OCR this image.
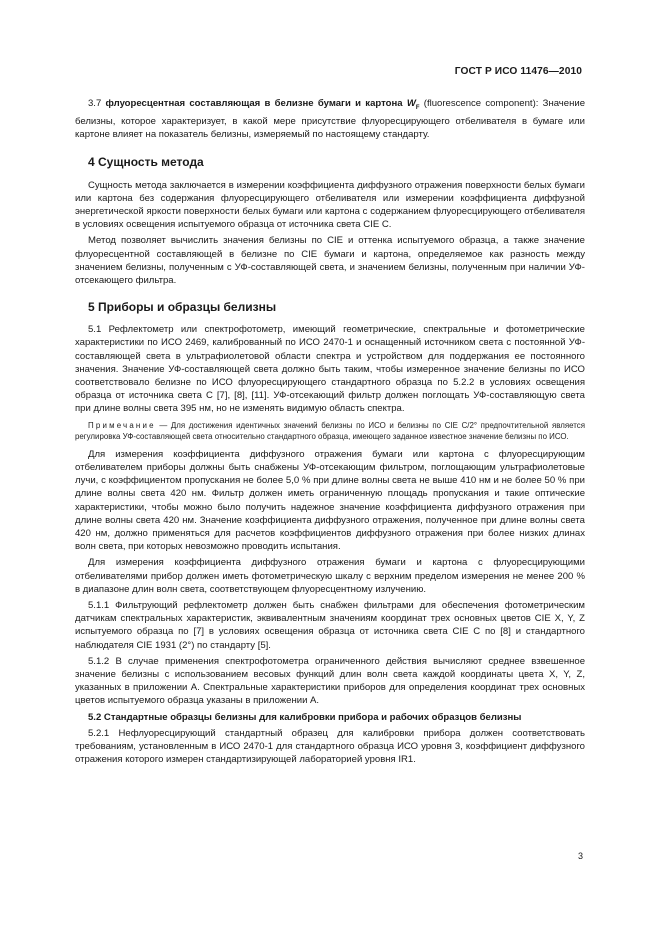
ГОСТ Р ИСО 11476—2010

3.7 флуоресцентная составляющая в белизне бумаги и картона $W_F$ (fluorescence component): Значение белизны, которое характеризует, в какой мере присутствие флуоресцирующего отбеливателя в бумаге или картоне влияет на показатель белизны, измеряемый по настоящему стандарту.

4 Сущность метода

Сущность метода заключается в измерении коэффициента диффузного отражения поверхности белых бумаги или картона без содержания флуоресцирующего отбеливателя или измерении коэффициента диффузной энергетической яркости поверхности белых бумаги или картона с содержанием флуоресцирующего отбеливателя в условиях освещения испытуемого образца от источника света CIE C.

Метод позволяет вычислить значения белизны по CIE и оттенка испытуемого образца, а также значение флуоресцентной составляющей в белизне по CIE бумаги и картона, определяемое как разность между значением белизны, полученным с УФ-составляющей света, и значением белизны, полученным при наличии УФ-отсекающего фильтра.

5 Приборы и образцы белизны

5.1 Рефлектометр или спектрофотометр, имеющий геометрические, спектральные и фотометрические характеристики по ИСО 2469, калиброванный по ИСО 2470-1 и оснащенный источником света с постоянной УФ-составляющей света в ультрафиолетовой области спектра и устройством для поддержания ее постоянного значения. Значение УФ-составляющей света должно быть таким, чтобы измеренное значение белизны по ИСО соответствовало белизне по ИСО флуоресцирующего стандартного образца по 5.2.2 в условиях освещения образца от источника света C [7], [8], [11]. УФ-отсекающий фильтр должен поглощать УФ-составляющую света при длине волны света 395 нм, но не изменять видимую область спектра.

Примечание — Для достижения идентичных значений белизны по ИСО и белизны по CIE C/2° предпочтительной является регулировка УФ-составляющей света относительно стандартного образца, имеющего заданное известное значение белизны по ИСО.

Для измерения коэффициента диффузного отражения бумаги или картона с флуоресцирующим отбеливателем приборы должны быть снабжены УФ-отсекающим фильтром, поглощающим ультрафиолетовые лучи, с коэффициентом пропускания не более 5,0 % при длине волны света не выше 410 нм и не более 50 % при длине волны света 420 нм. Фильтр должен иметь ограниченную площадь пропускания и такие оптические характеристики, чтобы можно было получить надежное значение коэффициента диффузного отражения при длине волны света 420 нм. Значение коэффициента диффузного отражения, полученное при длине волны света 420 нм, должно применяться для расчетов коэффициентов диффузного отражения при более низких длинах волн света, при которых невозможно проводить испытания.

Для измерения коэффициента диффузного отражения бумаги и картона с флуоресцирующими отбеливателями прибор должен иметь фотометрическую шкалу с верхним пределом измерения не менее 200 % в диапазоне длин волн света, соответствующем флуоресцентному излучению.

5.1.1 Фильтрующий рефлектометр должен быть снабжен фильтрами для обеспечения фотометрическим датчикам спектральных характеристик, эквивалентным значениям координат трех основных цветов CIE X, Y, Z испытуемого образца по [7] в условиях освещения образца от источника света CIE C по [8] и стандартного наблюдателя CIE 1931 (2°) по стандарту [5].

5.1.2 В случае применения спектрофотометра ограниченного действия вычисляют среднее взвешенное значение белизны с использованием весовых функций длин волн света каждой координаты цвета X, Y, Z, указанных в приложении А. Спектральные характеристики приборов для определения координат трех основных цветов испытуемого образца указаны в приложении А.

5.2 Стандартные образцы белизны для калибровки прибора и рабочих образцов белизны

5.2.1 Нефлуоресцирующий стандартный образец для калибровки прибора должен соответствовать требованиям, установленным в ИСО 2470-1 для стандартного образца ИСО уровня 3, коэффициент диффузного отражения которого измерен стандартизирующей лабораторией уровня IR1.

3
